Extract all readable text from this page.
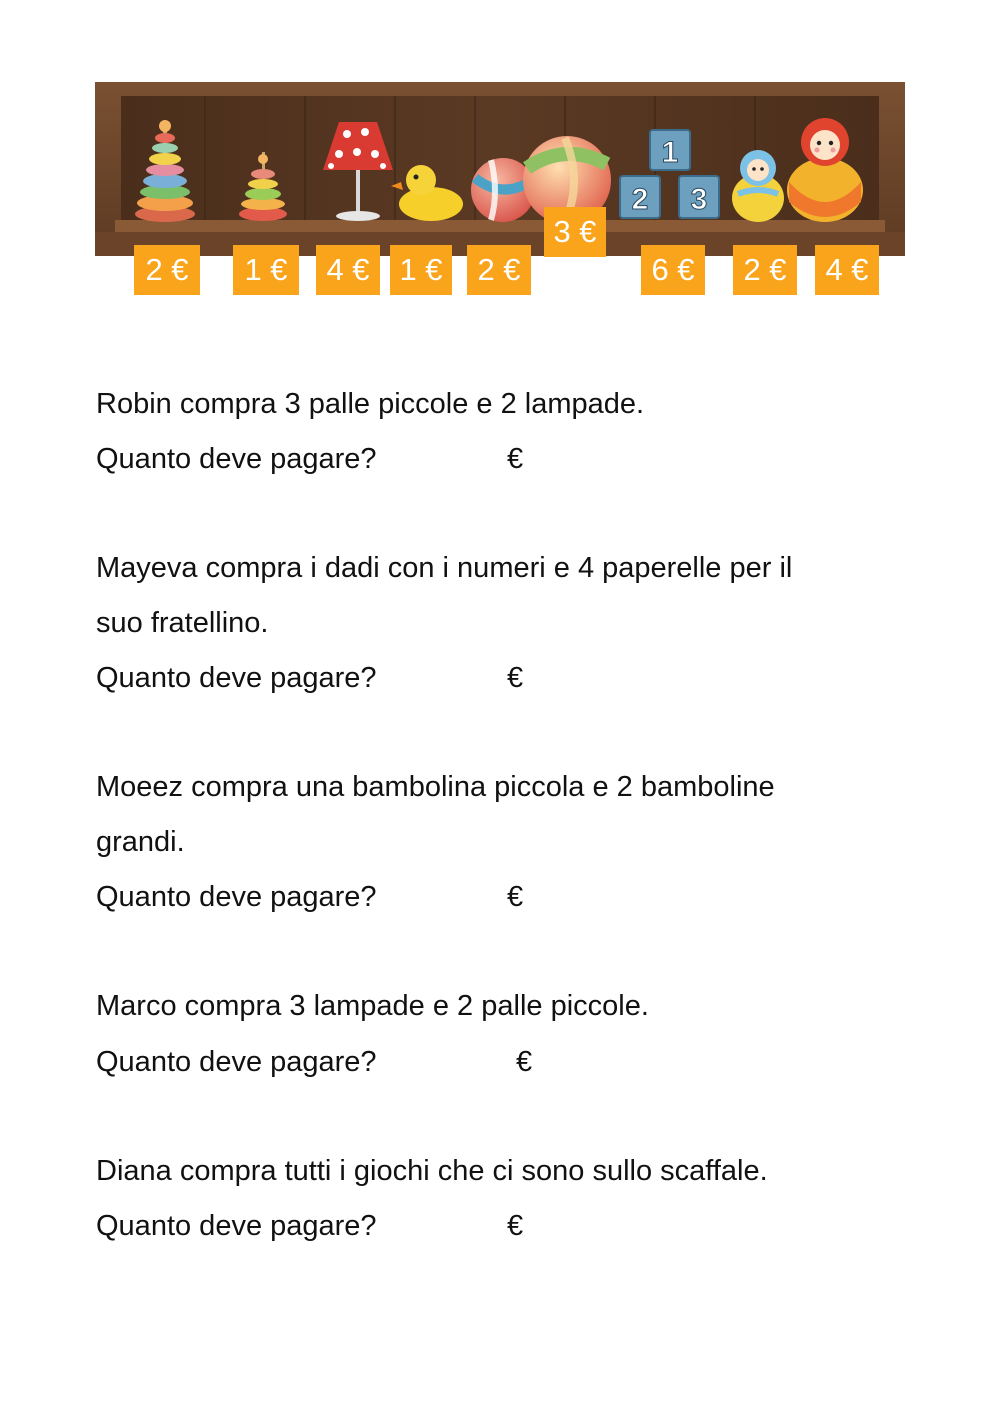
1
2 3
2 €	1 €	4 € 1 €	2 €
3 €
6 €	2 €	4 €
Robin compra 3 palle piccole e 2 lampade.
Quanto deve pagare?	€
Mayeva compra i dadi con i numeri e 4 paperelle per il
suo fratellino.
Quanto deve pagare?	€
Moeez compra una bambolina piccola e 2 bamboline
grandi.
Quanto deve pagare?	€
Marco compra 3 lampade e 2 palle piccole.
Quanto deve pagare?	€
Diana compra tutti i giochi che ci sono sullo scaffale.
Quanto deve pagare?	€
